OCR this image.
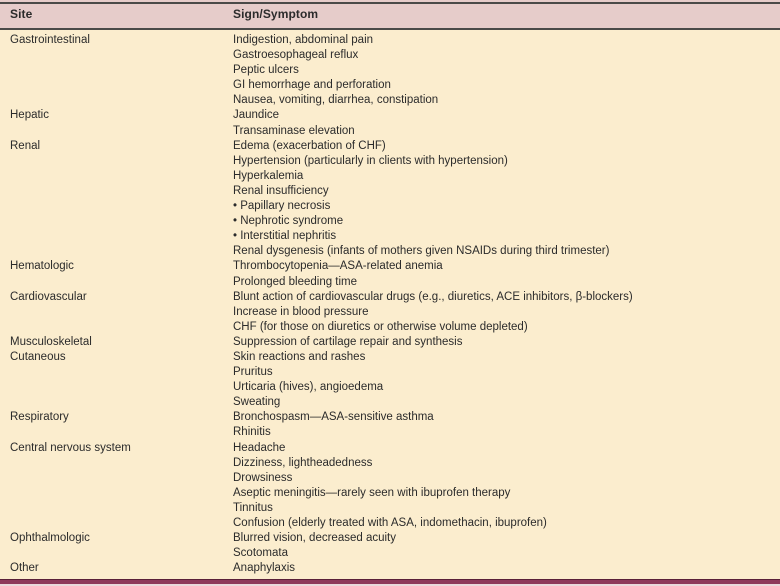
Site	Sign/Symptom
Gastrointestinal	Indigestion, abdominal pain
Gastroesophageal reflux
Peptic ulcers
GI hemorrhage and perforation
Nausea, vomiting, diarrhea, constipation
Hepatic	Jaundice
Transaminase elevation
Renal	Edema (exacerbation of CHF)
Hypertension (particularly in clients with hypertension)
Hyperkalemia
Renal insufficiency
• Papillary necrosis
• Nephrotic syndrome
• Interstitial nephritis
Renal dysgenesis (infants of mothers given NSAIDs during third trimester)
Hematologic	Thrombocytopenia—ASA-related anemia
Prolonged bleeding time
Cardiovascular	Blunt action of cardiovascular drugs (e.g., diuretics, ACE inhibitors, β-blockers)
Increase in blood pressure
CHF (for those on diuretics or otherwise volume depleted)
Musculoskeletal	Suppression of cartilage repair and synthesis
Cutaneous	Skin reactions and rashes
Pruritus
Urticaria (hives), angioedema
Sweating
Respiratory	Bronchospasm—ASA-sensitive asthma
Rhinitis
Central nervous system	Headache
Dizziness, lightheadedness
Drowsiness
Aseptic meningitis—rarely seen with ibuprofen therapy
Tinnitus
Confusion (elderly treated with ASA, indomethacin, ibuprofen)
Ophthalmologic	Blurred vision, decreased acuity
Scotomata
Other	Anaphylaxis
